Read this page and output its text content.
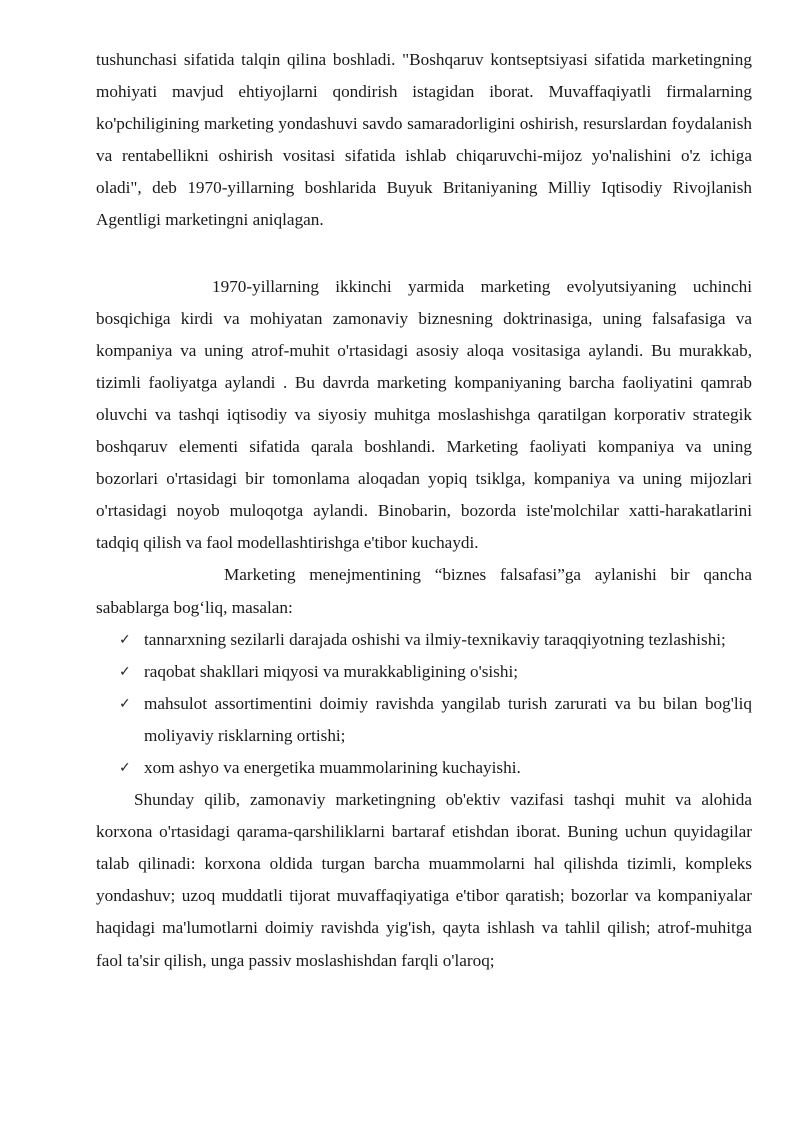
tushunchasi sifatida talqin qilina boshladi. "Boshqaruv kontseptsiyasi sifatida marketingning mohiyati mavjud ehtiyojlarni qondirish istagidan iborat. Muvaffaqiyatli firmalarning ko'pchiligining marketing yondashuvi savdo samaradorligini oshirish, resurslardan foydalanish va rentabellikni oshirish vositasi sifatida ishlab chiqaruvchi-mijoz yo'nalishini o'z ichiga oladi", deb 1970-yillarning boshlarida Buyuk Britaniyaning Milliy Iqtisodiy Rivojlanish Agentligi marketingni aniqlagan.

1970-yillarning ikkinchi yarmida marketing evolyutsiyaning uchinchi bosqichiga kirdi va mohiyatan zamonaviy biznesning doktrinasiga, uning falsafasiga va kompaniya va uning atrof-muhit o'rtasidagi asosiy aloqa vositasiga aylandi. Bu murakkab, tizimli faoliyatga aylandi . Bu davrda marketing kompaniyaning barcha faoliyatini qamrab oluvchi va tashqi iqtisodiy va siyosiy muhitga moslashishga qaratilgan korporativ strategik boshqaruv elementi sifatida qarala boshlandi. Marketing faoliyati kompaniya va uning bozorlari o'rtasidagi bir tomonlama aloqadan yopiq tsiklga, kompaniya va uning mijozlari o'rtasidagi noyob muloqotga aylandi. Binobarin, bozorda iste'molchilar xatti-harakatlarini tadqiq qilish va faol modellashtirishga e'tibor kuchaydi.

Marketing menejmentining “biznes falsafasi”ga aylanishi bir qancha sabablarga bog‘liq, masalan:

✓ tannarxning sezilarli darajada oshishi va ilmiy-texnikaviy taraqqiyotning tezlashishi;
✓ raqobat shakllari miqyosi va murakkabligining o'sishi;
✓ mahsulot assortimentini doimiy ravishda yangilab turish zarurati va bu bilan bog'liq moliyaviy risklarning ortishi;
✓ xom ashyo va energetika muammolarining kuchayishi.

Shunday qilib, zamonaviy marketingning ob'ektiv vazifasi tashqi muhit va alohida korxona o'rtasidagi qarama-qarshiliklarni bartaraf etishdan iborat. Buning uchun quyidagilar talab qilinadi: korxona oldida turgan barcha muammolarni hal qilishda tizimli, kompleks yondashuv; uzoq muddatli tijorat muvaffaqiyatiga e'tibor qaratish; bozorlar va kompaniyalar haqidagi ma'lumotlarni doimiy ravishda yig'ish, qayta ishlash va tahlil qilish; atrof-muhitga faol ta'sir qilish, unga passiv moslashishdan farqli o'laroq;
